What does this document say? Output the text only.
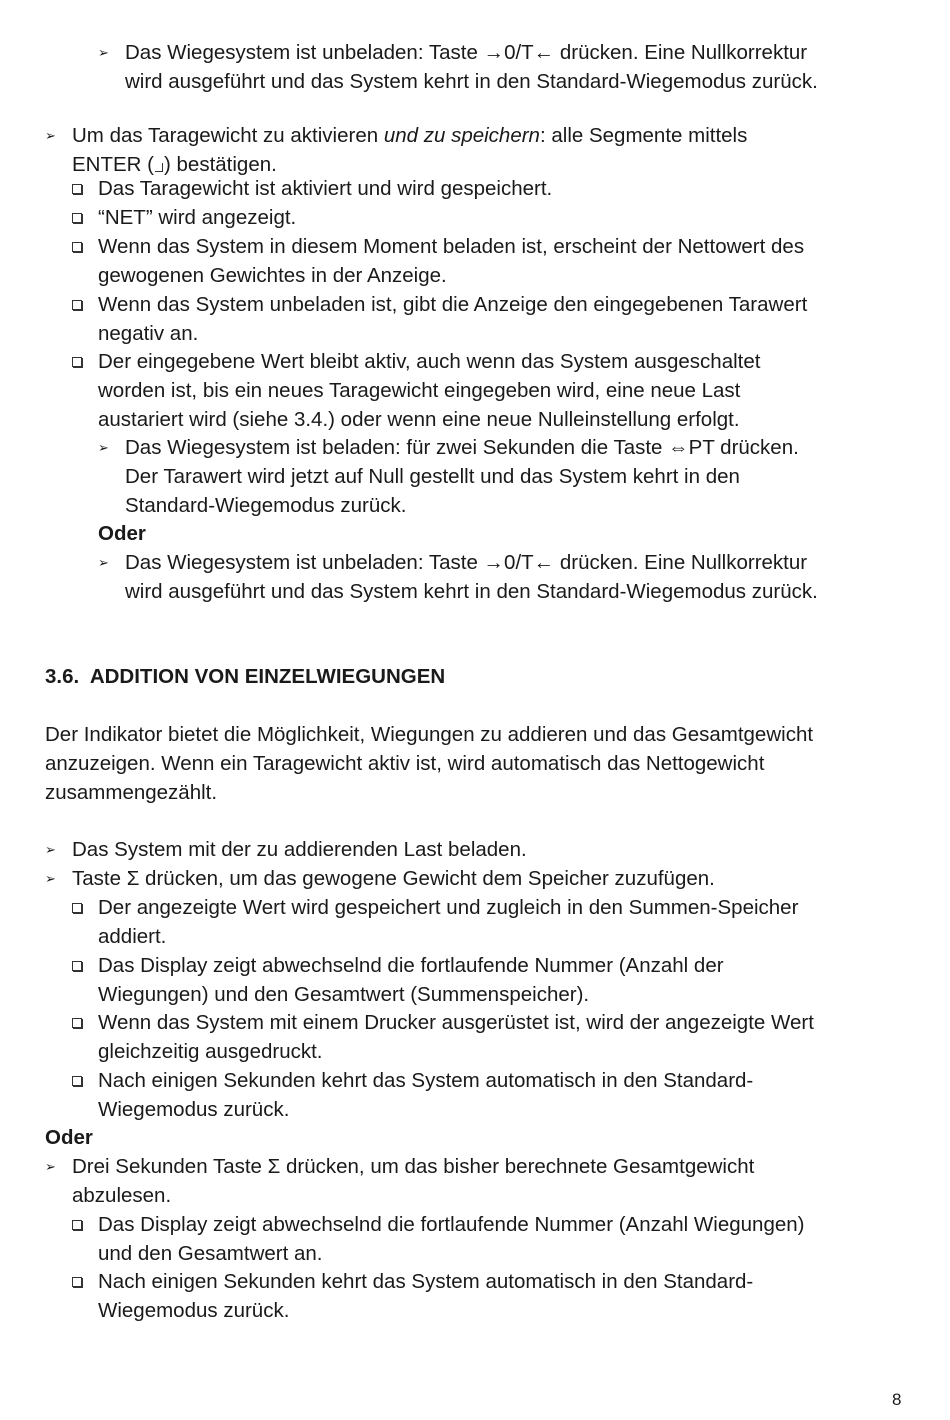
➢ Das Wiegesystem ist unbeladen: Taste →0/T← drücken. Eine Nullkorrektur
wird ausgeführt und das System kehrt in den Standard-Wiegemodus zurück.
➢ Um das Taragewicht zu aktivieren und zu speichern: alle Segmente mittels
ENTER ( ) bestätigen.
Das Taragewicht ist aktiviert und wird gespeichert.
“NET” wird angezeigt.
Wenn das System in diesem Moment beladen ist, erscheint der Nettowert des
gewogenen Gewichtes in der Anzeige.
Wenn das System unbeladen ist, gibt die Anzeige den eingegebenen Tarawert
negativ an.
Der eingegebene Wert bleibt aktiv, auch wenn das System ausgeschaltet
worden ist, bis ein neues Taragewicht eingegeben wird, eine neue Last
austariert wird (siehe 3.4.) oder wenn eine neue Nulleinstellung erfolgt.
➢ Das Wiegesystem ist beladen: für zwei Sekunden die Taste ⇔PT drücken.
Der Tarawert wird jetzt auf Null gestellt und das System kehrt in den
Standard-Wiegemodus zurück.
Oder
➢ Das Wiegesystem ist unbeladen: Taste →0/T← drücken. Eine Nullkorrektur
wird ausgeführt und das System kehrt in den Standard-Wiegemodus zurück.
3.6.  ADDITION VON EINZELWIEGUNGEN
Der Indikator bietet die Möglichkeit, Wiegungen zu addieren und das Gesamtgewicht
anzuzeigen. Wenn ein Taragewicht aktiv ist, wird automatisch das Nettogewicht
zusammengezählt.
➢ Das System mit der zu addierenden Last beladen.
➢ Taste Σ drücken, um das gewogene Gewicht dem Speicher zuzufügen.
Der angezeigte Wert wird gespeichert und zugleich in den Summen-Speicher
addiert.
Das Display zeigt abwechselnd die fortlaufende Nummer (Anzahl der
Wiegungen) und den Gesamtwert (Summenspeicher).
Wenn das System mit einem Drucker ausgerüstet ist, wird der angezeigte Wert
gleichzeitig ausgedruckt.
Nach einigen Sekunden kehrt das System automatisch in den Standard-
Wiegemodus zurück.
Oder
➢ Drei Sekunden Taste Σ drücken, um das bisher berechnete Gesamtgewicht
abzulesen.
Das Display zeigt abwechselnd die fortlaufende Nummer (Anzahl Wiegungen)
und den Gesamtwert an.
Nach einigen Sekunden kehrt das System automatisch in den Standard-
Wiegemodus zurück.
8
